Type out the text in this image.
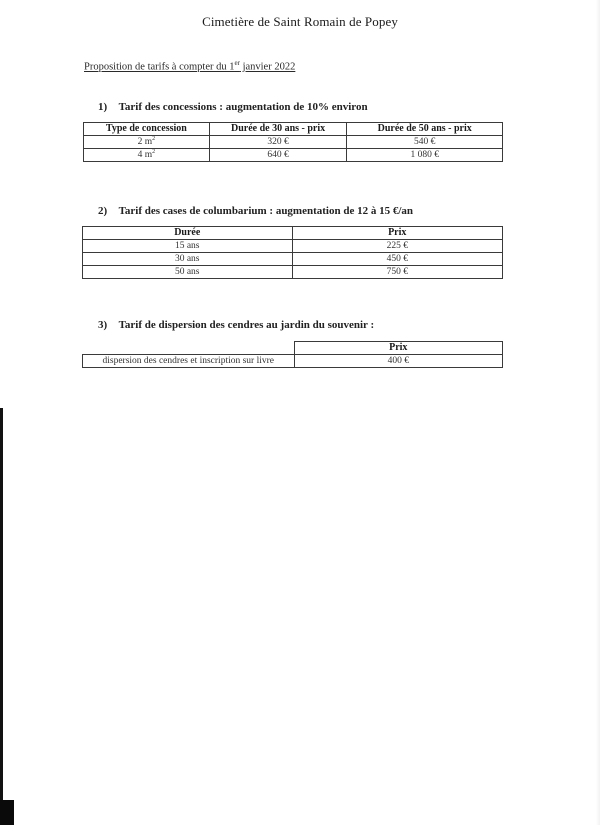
Cimetière de Saint Romain de Popey
Proposition de tarifs à compter du 1er janvier 2022
1) Tarif des concessions : augmentation de 10% environ
Type de concession	Durée de 30 ans - prix	Durée de 50 ans - prix
2 $m^2$	320 €	540 €
4 $m^2$	640 €	1 080 €
2) Tarif des cases de columbarium : augmentation de 12 à 15 €/an
Durée	Prix
15 ans	225 €
30 ans	450 €
50 ans	750 €
3) Tarif de dispersion des cendres au jardin du souvenir :
	Prix
dispersion des cendres et inscription sur livre	400 €
